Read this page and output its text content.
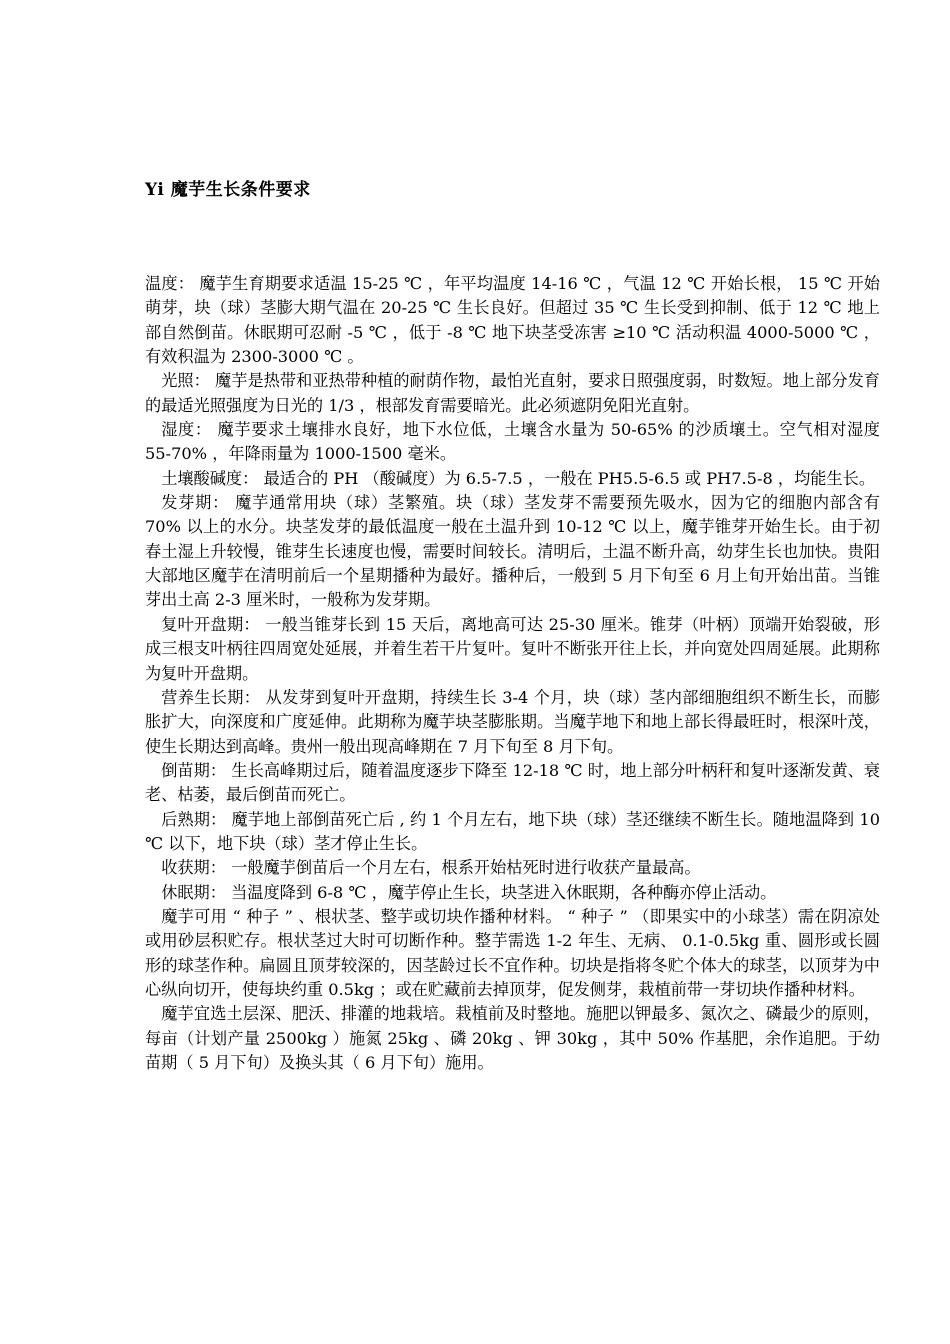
Yi 魔芋生长条件要求

温度： 魔芋生育期要求适温 15-25 ℃ ，年平均温度 14-16 ℃ ，气温 12 ℃ 开始长根， 15 ℃ 开始萌芽，块（球）茎膨大期气温在 20-25 ℃ 生长良好。但超过 35 ℃ 生长受到抑制、低于 12 ℃ 地上部自然倒苗。休眠期可忍耐 -5 ℃ ，低于 -8 ℃ 地下块茎受冻害 ≥10 ℃ 活动积温 4000-5000 ℃ ，有效积温为 2300-3000 ℃ 。

光照： 魔芋是热带和亚热带种植的耐荫作物，最怕光直射，要求日照强度弱，时数短。地上部分发育的最适光照强度为日光的 1/3 ，根部发育需要暗光。此必须遮阴免阳光直射。

湿度： 魔芋要求土壤排水良好，地下水位低，土壤含水量为 50-65% 的沙质壤土。空气相对湿度 55-70% ，年降雨量为 1000-1500 毫米。

土壤酸碱度： 最适合的 PH （酸碱度）为 6.5-7.5 ，一般在 PH5.5-6.5 或 PH7.5-8 ，均能生长。

发芽期： 魔芋通常用块（球）茎繁殖。块（球）茎发芽不需要预先吸水，因为它的细胞内部含有 70% 以上的水分。块茎发芽的最低温度一般在土温升到 10-12 ℃ 以上，魔芋锥芽开始生长。由于初春土湿上升较慢，锥芽生长速度也慢，需要时间较长。清明后，土温不断升高，幼芽生长也加快。贵阳大部地区魔芋在清明前后一个星期播种为最好。播种后，一般到 5 月下旬至 6 月上旬开始出苗。当锥芽出土高 2-3 厘米时，一般称为发芽期。

复叶开盘期： 一般当锥芽长到 15 天后，离地高可达 25-30 厘米。锥芽（叶柄）顶端开始裂破，形成三根支叶柄往四周宽处延展，并着生若干片复叶。复叶不断张开往上长，并向宽处四周延展。此期称为复叶开盘期。

营养生长期： 从发芽到复叶开盘期，持续生长 3-4 个月，块（球）茎内部细胞组织不断生长，而膨胀扩大，向深度和广度延伸。此期称为魔芋块茎膨胀期。当魔芋地下和地上部长得最旺时，根深叶茂，使生长期达到高峰。贵州一般出现高峰期在 7 月下旬至 8 月下旬。

倒苗期： 生长高峰期过后，随着温度逐步下降至 12-18 ℃ 时，地上部分叶柄秆和复叶逐渐发黄、衰老、枯萎，最后倒苗而死亡。

后熟期： 魔芋地上部倒苗死亡后 , 约 1 个月左右，地下块（球）茎还继续不断生长。随地温降到 10 ℃ 以下，地下块（球）茎才停止生长。

收获期： 一般魔芋倒苗后一个月左右，根系开始枯死时进行收获产量最高。

休眠期： 当温度降到 6-8 ℃ ，魔芋停止生长，块茎进入休眠期，各种酶亦停止活动。

魔芋可用 “ 种子 ” 、根状茎、整芋或切块作播种材料。 “ 种子 ” （即果实中的小球茎）需在阴凉处或用砂层积贮存。根状茎过大时可切断作种。整芋需选 1-2 年生、无病、 0.1-0.5kg 重、圆形或长圆形的球茎作种。扁圆且顶芽较深的，因茎龄过长不宜作种。切块是指将冬贮个体大的球茎，以顶芽为中心纵向切开，使每块约重 0.5kg ；或在贮藏前去掉顶芽，促发侧芽，栽植前带一芽切块作播种材料。

魔芋宜选土层深、肥沃、排灌的地栽培。栽植前及时整地。施肥以钾最多、氮次之、磷最少的原则，每亩（计划产量 2500kg ）施氮 25kg 、磷 20kg 、钾 30kg ，其中 50% 作基肥，余作追肥。于幼苗期（ 5 月下旬）及换头其（ 6 月下旬）施用。
